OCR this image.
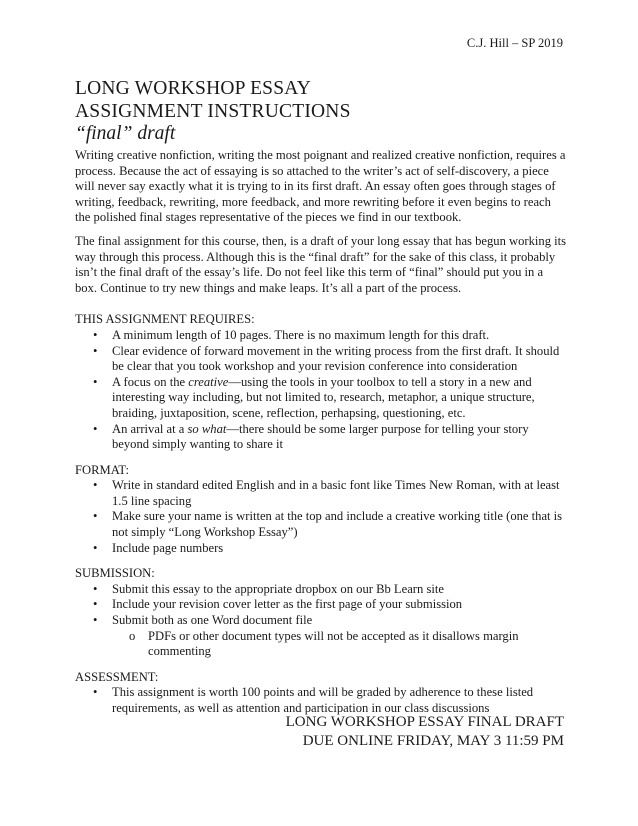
C.J. Hill – SP 2019
LONG WORKSHOP ESSAY
ASSIGNMENT INSTRUCTIONS
“final” draft

Writing creative nonfiction, writing the most poignant and realized creative nonfiction, requires a process. Because the act of essaying is so attached to the writer’s act of self-discovery, a piece will never say exactly what it is trying to in its first draft. An essay often goes through stages of writing, feedback, rewriting, more feedback, and more rewriting before it even begins to reach the polished final stages representative of the pieces we find in our textbook.

The final assignment for this course, then, is a draft of your long essay that has begun working its way through this process. Although this is the “final draft” for the sake of this class, it probably isn’t the final draft of the essay’s life. Do not feel like this term of “final” should put you in a box. Continue to try new things and make leaps. It’s all a part of the process.

THIS ASSIGNMENT REQUIRES:
• A minimum length of 10 pages. There is no maximum length for this draft.
• Clear evidence of forward movement in the writing process from the first draft. It should be clear that you took workshop and your revision conference into consideration
• A focus on the creative—using the tools in your toolbox to tell a story in a new and interesting way including, but not limited to, research, metaphor, a unique structure, braiding, juxtaposition, scene, reflection, perhapsing, questioning, etc.
• An arrival at a so what—there should be some larger purpose for telling your story beyond simply wanting to share it
FORMAT:
• Write in standard edited English and in a basic font like Times New Roman, with at least 1.5 line spacing
• Make sure your name is written at the top and include a creative working title (one that is not simply “Long Workshop Essay”)
• Include page numbers
SUBMISSION:
• Submit this essay to the appropriate dropbox on our Bb Learn site
• Include your revision cover letter as the first page of your submission
• Submit both as one Word document file
o PDFs or other document types will not be accepted as it disallows margin commenting
ASSESSMENT:
• This assignment is worth 100 points and will be graded by adherence to these listed requirements, as well as attention and participation in our class discussions
LONG WORKSHOP ESSAY FINAL DRAFT
DUE ONLINE FRIDAY, MAY 3 11:59 PM
